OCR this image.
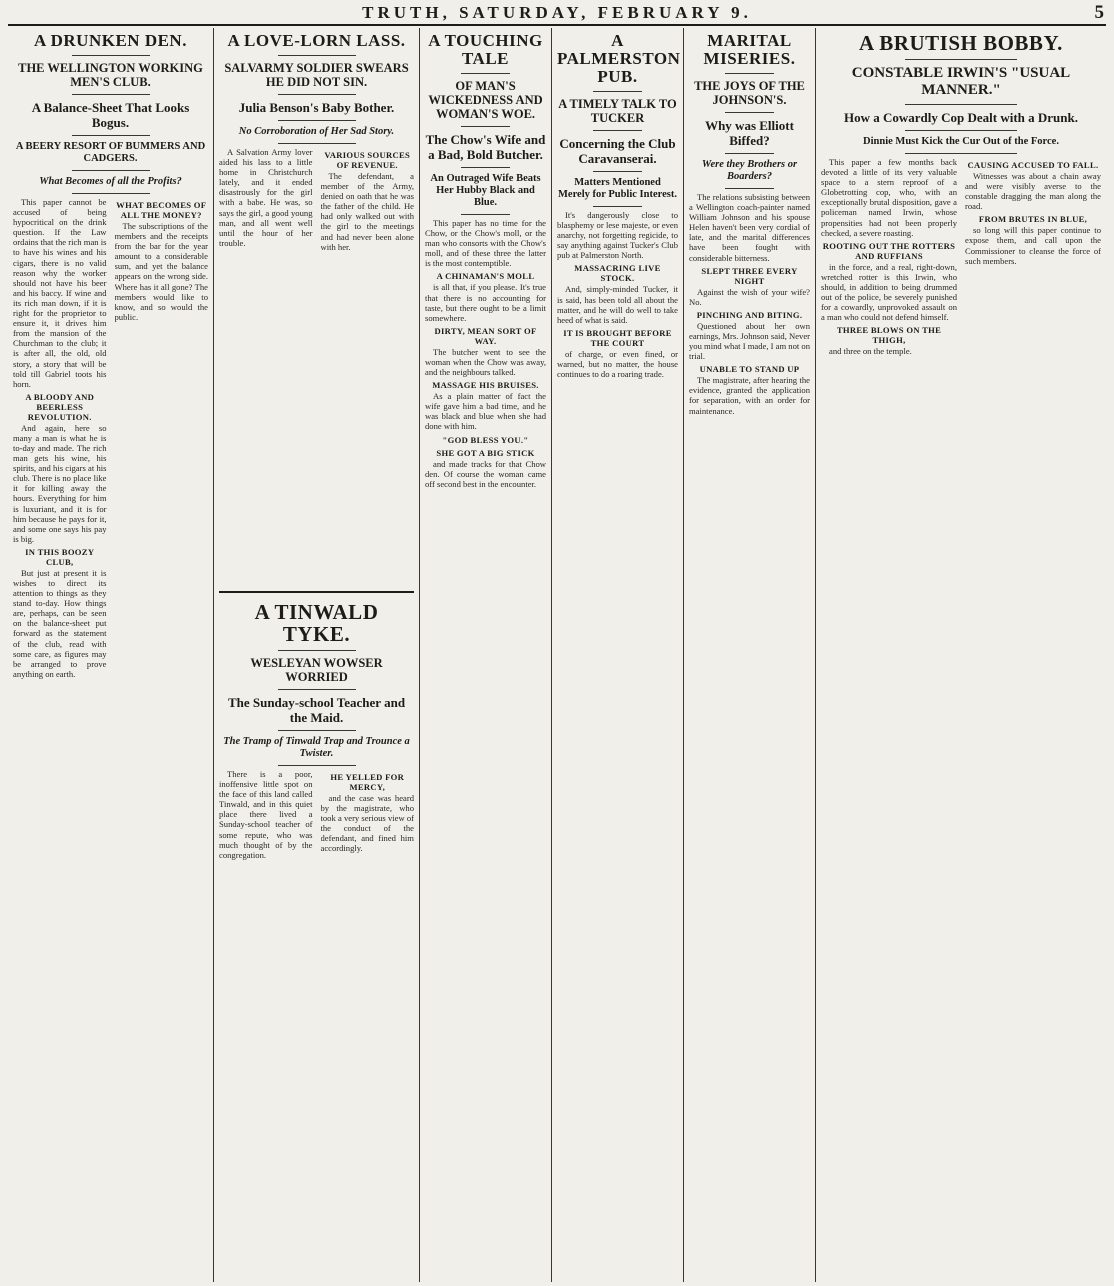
TRUTH, SATURDAY, FEBRUARY 9.	5
A DRUNKEN DEN.
THE WELLINGTON WORKING MEN'S CLUB.
A Balance-Sheet That Looks Bogus.
A BEERY RESORT OF BUMMERS AND CADGERS.
What Becomes of all the Profits?

This paper cannot be accused of being hypocritical on the drink question. If the Law ordains that the rich man is to have his wines and his cigars, there is no valid reason why the worker should not have his beer and his baccy. If wine and its rich man down, if it is right for the proprietor to ensure it, it drives him from the mansion of the Churchman to the club; it is after all, the old, old story, a story that will be told till Gabriel toots his horn.

A BLOODY AND BEERLESS REVOLUTION.

And again, here so many a man is what he is to-day and made. The rich man gets his wine, his spirits, and his cigars at his club. There is no place like it for killing away the hours. Everything for him is luxuriant, and it is for him because he pays for it, and some one says his pay is big.

IN THIS BOOZY CLUB,

But just at present it is wishes to direct its attention to things as they stand to-day. How things are, perhaps, can be seen on the balance-sheet put forward as the statement of the club, read with some care, as figures may be arranged to prove anything on earth.

WHAT BECOMES OF ALL THE MONEY?

The subscriptions of the members and the receipts from the bar for the year amount to a considerable sum, and yet the balance appears on the wrong side. Where has it all gone? The members would like to know, and so would the public.

A LOVE-LORN LASS.
SALVARMY SOLDIER SWEARS HE DID NOT SIN.
Julia Benson's Baby Bother.
No Corroboration of Her Sad Story.

A Salvation Army lover aided his lass to a little home in Christchurch lately, and it ended disastrously for the girl with a babe. He was, so says the girl, a good young man, and all went well until the hour of her trouble.

VARIOUS SOURCES OF REVENUE.

The defendant, a member of the Army, denied on oath that he was the father of the child. He had only walked out with the girl to the meetings and had never been alone with her.

A TINWALD TYKE.
WESLEYAN WOWSER WORRIED
The Sunday-school Teacher and the Maid.
The Tramp of Tinwald Trap and Trounce a Twister.

There is a poor, inoffensive little spot on the face of this land called Tinwald, and in this quiet place there lived a Sunday-school teacher of some repute, who was much thought of by the congregation.

HE YELLED FOR MERCY,

and the case was heard by the magistrate, who took a very serious view of the conduct of the defendant, and fined him accordingly.

A TOUCHING TALE
OF MAN'S WICKEDNESS AND WOMAN'S WOE.
The Chow's Wife and a Bad, Bold Butcher.
An Outraged Wife Beats Her Hubby Black and Blue.

This paper has no time for the Chow, or the Chow's moll, or the man who consorts with the Chow's moll, and of these three the latter is the most contemptible.

A CHINAMAN'S MOLL

is all that, if you please. It's true that there is no accounting for taste, but there ought to be a limit somewhere.

DIRTY, MEAN SORT OF WAY.

The butcher went to see the woman when the Chow was away, and the neighbours talked.

MASSAGE HIS BRUISES.

As a plain matter of fact the wife gave him a bad time, and he was black and blue when she had done with him.

"GOD BLESS YOU."
SHE GOT A BIG STICK

and made tracks for that Chow den. Of course the woman came off second best in the encounter.

A PALMERSTON PUB.
A TIMELY TALK TO TUCKER
Concerning the Club Caravanserai.
Matters Mentioned Merely for Public Interest.

It's dangerously close to blasphemy or lese majeste, or even anarchy, not forgetting regicide, to say anything against Tucker's Club pub at Palmerston North.

MASSACRING LIVE STOCK.

And, simply-minded Tucker, it is said, has been told all about the matter, and he will do well to take heed of what is said.

IT IS BROUGHT BEFORE THE COURT

of charge, or even fined, or warned, but no matter, the house continues to do a roaring trade.

MARITAL MISERIES.
THE JOYS OF THE JOHNSON'S.
Why was Elliott Biffed?
Were they Brothers or Boarders?

The relations subsisting between a Wellington coach-painter named William Johnson and his spouse Helen haven't been very cordial of late, and the marital differences have been fought with considerable bitterness.

SLEPT THREE EVERY NIGHT

Against the wish of your wife? No.

PINCHING AND BITING.

Questioned about her own earnings, Mrs. Johnson said, Never you mind what I made, I am not on trial.

UNABLE TO STAND UP

The magistrate, after hearing the evidence, granted the application for separation, with an order for maintenance.

A BRUTISH BOBBY.
CONSTABLE IRWIN'S "USUAL MANNER."
How a Cowardly Cop Dealt with a Drunk.
Dinnie Must Kick the Cur Out of the Force.

This paper a few months back devoted a little of its very valuable space to a stern reproof of a Globetrotting cop, who, with an exceptionally brutal disposition, gave a policeman named Irwin, whose propensities had not been properly checked, a severe roasting.

ROOTING OUT THE ROTTERS AND RUFFIANS

in the force, and a real, right-down, wretched rotter is this Irwin, who should, in addition to being drummed out of the police, be severely punished for a cowardly, unprovoked assault on a man who could not defend himself.

THREE BLOWS ON THE THIGH,

and three on the temple.

CAUSING ACCUSED TO FALL.

Witnesses was about a chain away and were visibly averse to the constable dragging the man along the road.

FROM BRUTES IN BLUE,

so long will this paper continue to expose them, and call upon the Commissioner to cleanse the force of such members.
